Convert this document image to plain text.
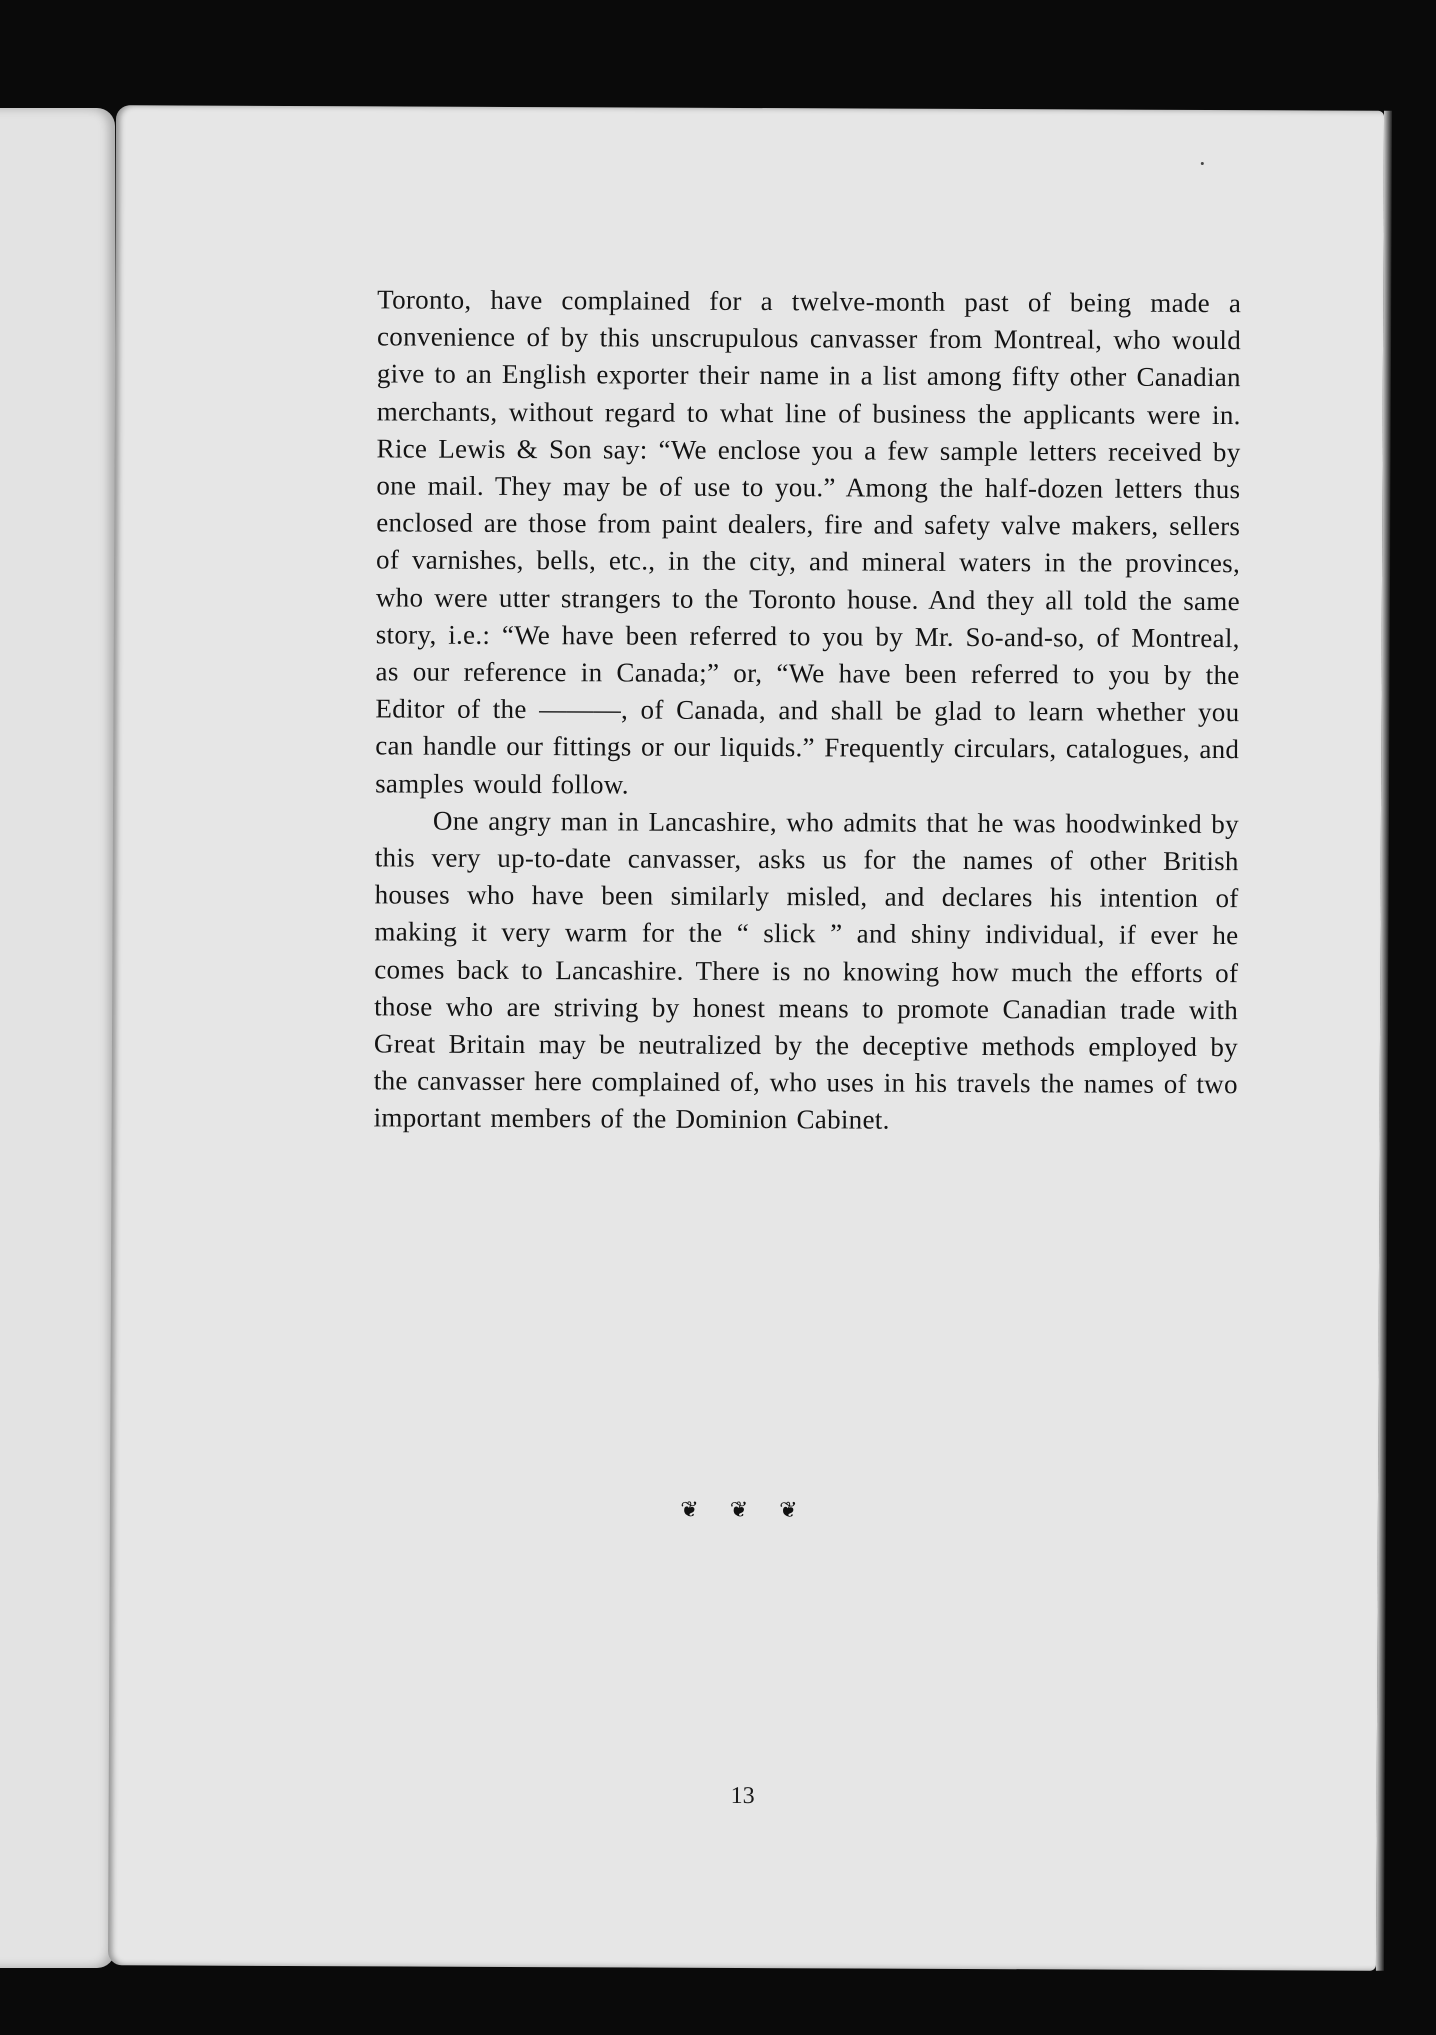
Toronto, have complained for a twelve-month past of being made a convenience of by this unscrupulous canvasser from Montreal, who would give to an English exporter their name in a list among fifty other Canadian merchants, without regard to what line of business the applicants were in. Rice Lewis & Son say: “We enclose you a few sample letters received by one mail. They may be of use to you.” Among the half-dozen letters thus enclosed are those from paint dealers, fire and safety valve makers, sellers of varnishes, bells, etc., in the city, and mineral waters in the provinces, who were utter strangers to the Toronto house. And they all told the same story, i.e.: “We have been referred to you by Mr. So-and-so, of Montreal, as our reference in Canada;” or, “We have been referred to you by the Editor of the ———, of Canada, and shall be glad to learn whether you can handle our fittings or our liquids.” Frequently circulars, catalogues, and samples would follow.

One angry man in Lancashire, who admits that he was hoodwinked by this very up-to-date canvasser, asks us for the names of other British houses who have been similarly misled, and declares his intention of making it very warm for the “ slick ” and shiny individual, if ever he comes back to Lancashire. There is no knowing how much the efforts of those who are striving by honest means to promote Canadian trade with Great Britain may be neutralized by the deceptive methods employed by the canvasser here complained of, who uses in his travels the names of two important members of the Dominion Cabinet.

❦ ❦ ❦
13
